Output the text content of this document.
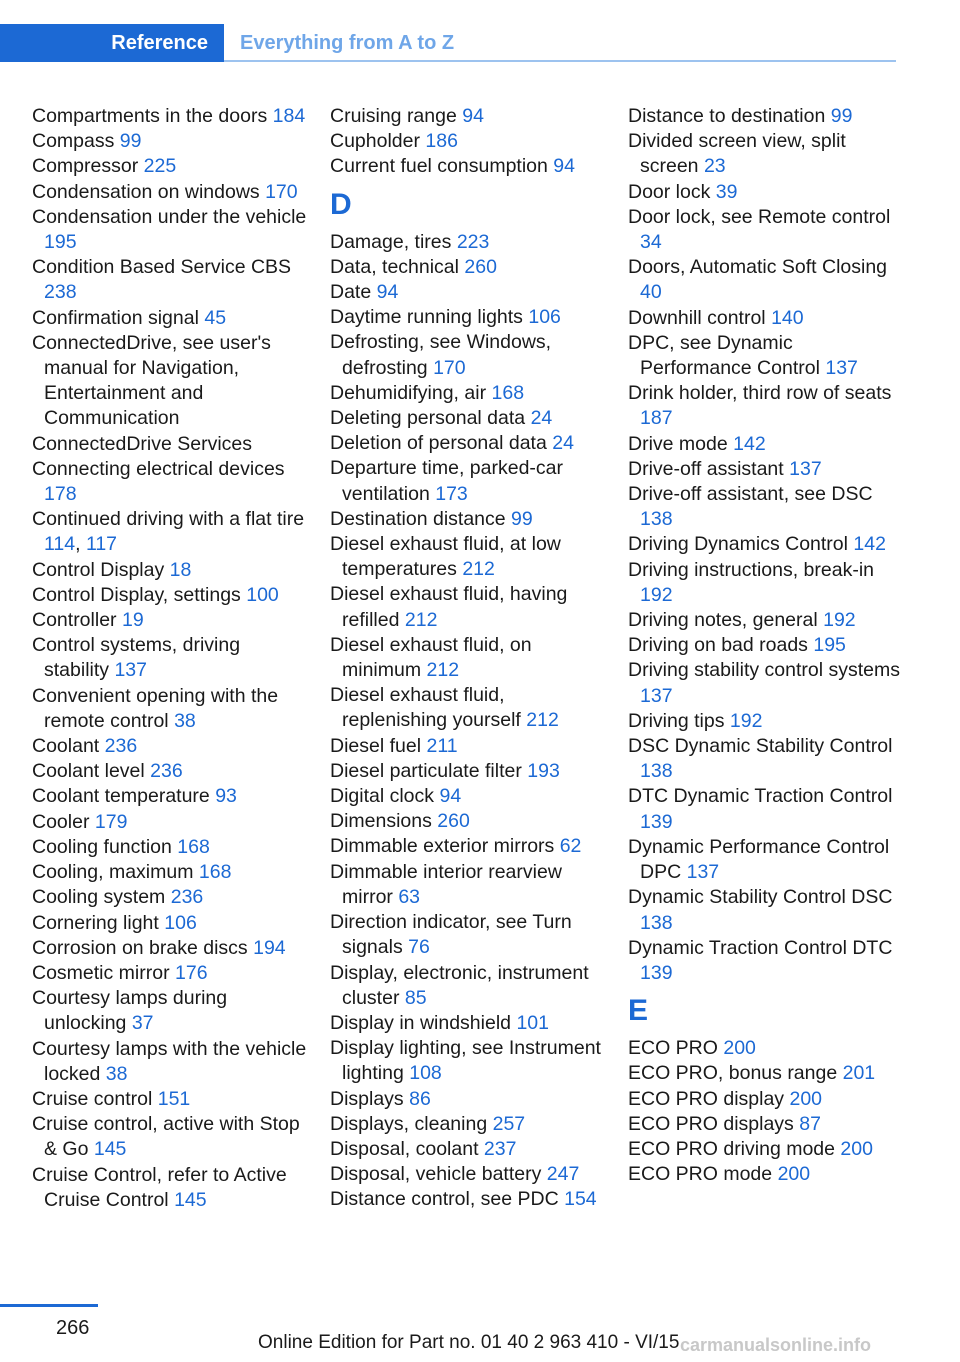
Reference	Everything from A to Z
Compartments in the doors 184
Compass 99
Compressor 225
Condensation on windows 170
Condensation under the vehicle 195
Condition Based Service CBS 238
Confirmation signal 45
ConnectedDrive, see user's manual for Navigation, Entertainment and Communication
ConnectedDrive Services
Connecting electrical devices 178
Continued driving with a flat tire 114, 117
Control Display 18
Control Display, settings 100
Controller 19
Control systems, driving stability 137
Convenient opening with the remote control 38
Coolant 236
Coolant level 236
Coolant temperature 93
Cooler 179
Cooling function 168
Cooling, maximum 168
Cooling system 236
Cornering light 106
Corrosion on brake discs 194
Cosmetic mirror 176
Courtesy lamps during unlocking 37
Courtesy lamps with the vehicle locked 38
Cruise control 151
Cruise control, active with Stop & Go 145
Cruise Control, refer to Active Cruise Control 145
Cruising range 94
Cupholder 186
Current fuel consumption 94
D
Damage, tires 223
Data, technical 260
Date 94
Daytime running lights 106
Defrosting, see Windows, defrosting 170
Dehumidifying, air 168
Deleting personal data 24
Deletion of personal data 24
Departure time, parked-car ventilation 173
Destination distance 99
Diesel exhaust fluid, at low temperatures 212
Diesel exhaust fluid, having refilled 212
Diesel exhaust fluid, on minimum 212
Diesel exhaust fluid, replenishing yourself 212
Diesel fuel 211
Diesel particulate filter 193
Digital clock 94
Dimensions 260
Dimmable exterior mirrors 62
Dimmable interior rearview mirror 63
Direction indicator, see Turn signals 76
Display, electronic, instrument cluster 85
Display in windshield 101
Display lighting, see Instrument lighting 108
Displays 86
Displays, cleaning 257
Disposal, coolant 237
Disposal, vehicle battery 247
Distance control, see PDC 154
Distance to destination 99
Divided screen view, split screen 23
Door lock 39
Door lock, see Remote control 34
Doors, Automatic Soft Closing 40
Downhill control 140
DPC, see Dynamic Performance Control 137
Drink holder, third row of seats 187
Drive mode 142
Drive-off assistant 137
Drive-off assistant, see DSC 138
Driving Dynamics Control 142
Driving instructions, break-in 192
Driving notes, general 192
Driving on bad roads 195
Driving stability control systems 137
Driving tips 192
DSC Dynamic Stability Control 138
DTC Dynamic Traction Control 139
Dynamic Performance Control DPC 137
Dynamic Stability Control DSC 138
Dynamic Traction Control DTC 139
E
ECO PRO 200
ECO PRO, bonus range 201
ECO PRO display 200
ECO PRO displays 87
ECO PRO driving mode 200
ECO PRO mode 200
266
Online Edition for Part no. 01 40 2 963 410 - VI/15 carmanualsonline.info
